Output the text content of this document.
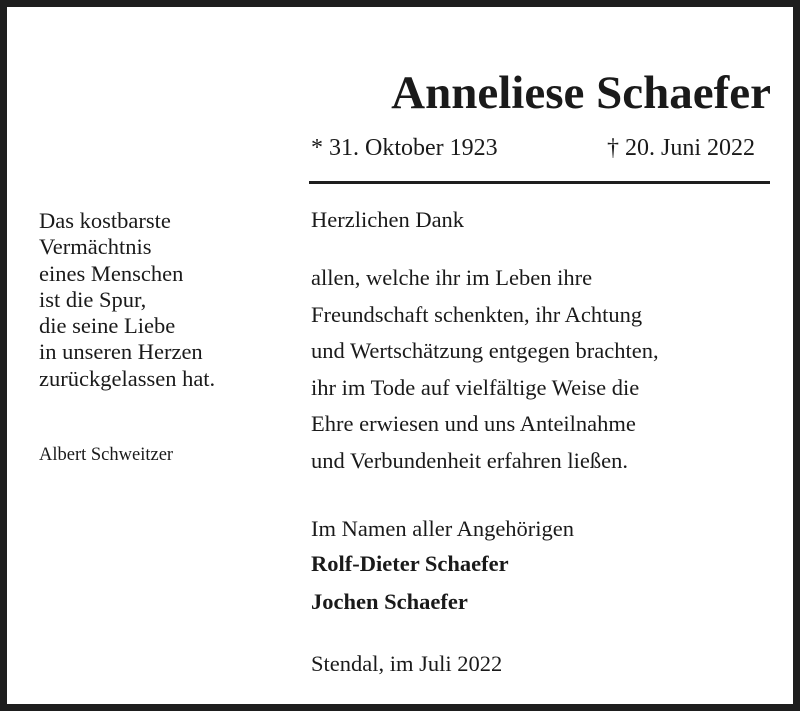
Anneliese Schaefer
* 31. Oktober 1923	† 20. Juni 2022
Das kostbarste
Vermächtnis
eines Menschen
ist die Spur,
die seine Liebe
in unseren Herzen
zurückgelassen hat.
Albert Schweitzer
Herzlichen Dank
allen, welche ihr im Leben ihre
Freundschaft schenkten, ihr Achtung
und Wertschätzung entgegen brachten,
ihr im Tode auf vielfältige Weise die
Ehre erwiesen und uns Anteilnahme
und Verbundenheit erfahren ließen.
Im Namen aller Angehörigen
Rolf-Dieter Schaefer
Jochen Schaefer
Stendal, im Juli 2022
